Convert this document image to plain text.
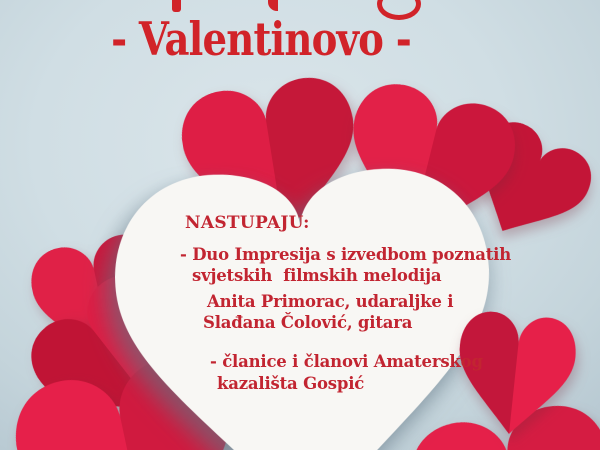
NASTUPAJU:
- Duo Impresija s izvedbom poznatih
svjetskih  filmskih melodija
Anita Primorac, udaraljke i
Slađana Čolović, gitara
- članice i članovi Amaterskog
kazališta Gospić
- Valentinovo -
